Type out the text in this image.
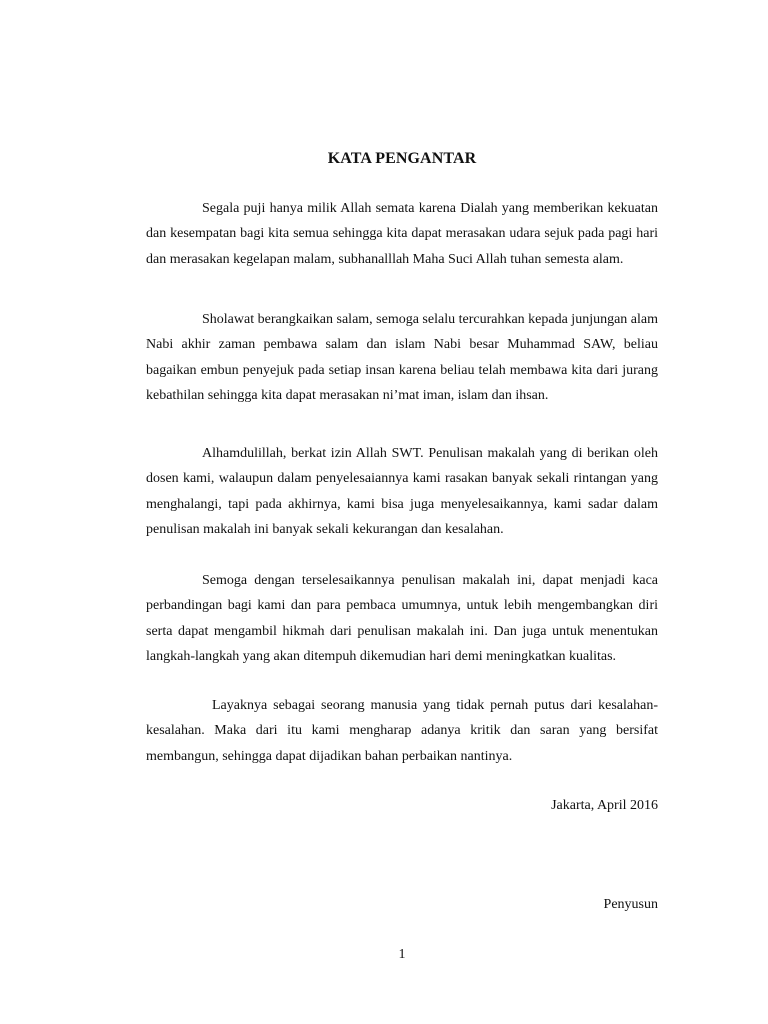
KATA PENGANTAR

Segala puji hanya milik Allah semata karena Dialah yang memberikan kekuatan dan kesempatan bagi kita semua sehingga kita dapat merasakan udara sejuk pada pagi hari dan merasakan kegelapan malam, subhanalllah Maha Suci Allah tuhan semesta alam.

Sholawat berangkaikan salam, semoga selalu tercurahkan kepada junjungan alam Nabi akhir zaman pembawa salam dan islam Nabi besar Muhammad SAW, beliau bagaikan embun penyejuk pada setiap insan karena beliau telah membawa kita dari jurang kebathilan sehingga kita dapat merasakan ni’mat iman, islam dan ihsan.

Alhamdulillah, berkat izin Allah SWT. Penulisan makalah yang di berikan oleh dosen kami, walaupun dalam penyelesaiannya kami rasakan banyak sekali rintangan yang menghalangi, tapi pada akhirnya, kami bisa juga menyelesaikannya, kami sadar dalam penulisan makalah ini banyak sekali kekurangan dan kesalahan.

Semoga dengan terselesaikannya penulisan makalah ini, dapat menjadi kaca perbandingan bagi kami dan para pembaca umumnya, untuk lebih mengembangkan diri serta dapat mengambil hikmah dari penulisan makalah ini. Dan juga untuk menentukan langkah-langkah yang akan ditempuh dikemudian hari demi meningkatkan kualitas.

Layaknya sebagai seorang manusia yang tidak pernah putus dari kesalahan-kesalahan. Maka dari itu kami mengharap adanya kritik dan saran yang bersifat membangun, sehingga dapat dijadikan bahan perbaikan nantinya.

Jakarta, April 2016
Penyusun
1
